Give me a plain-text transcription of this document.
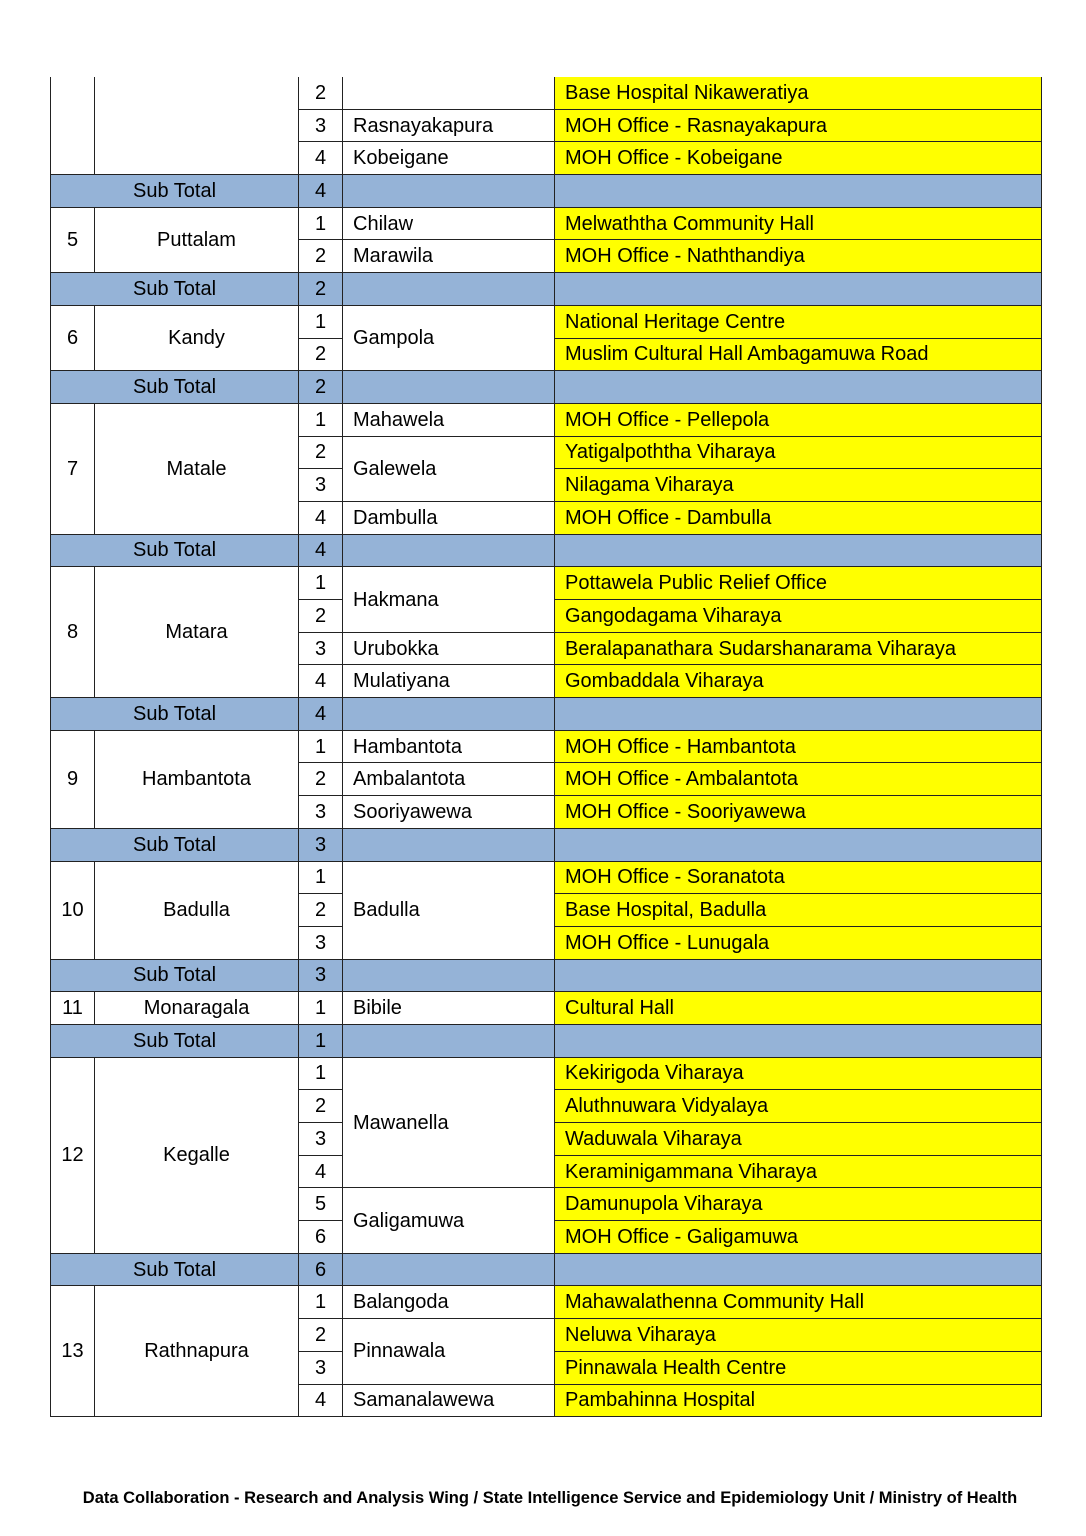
		2		Base Hospital Nikaweratiya
		3	Rasnayakapura	MOH Office - Rasnayakapura
		4	Kobeigane	MOH Office - Kobeigane
Sub Total		4		
5	Puttalam	1	Chilaw	Melwaththa Community Hall
		2	Marawila	MOH Office - Naththandiya
Sub Total		2		
6	Kandy	1	Gampola	National Heritage Centre
		2		Muslim Cultural Hall Ambagamuwa Road
Sub Total		2		
7	Matale	1	Mahawela	MOH Office - Pellepola
		2	Galewela	Yatigalpoththa Viharaya
		3		Nilagama Viharaya
		4	Dambulla	MOH Office - Dambulla
Sub Total		4		
8	Matara	1	Hakmana	Pottawela Public Relief Office
		2		Gangodagama Viharaya
		3	Urubokka	Beralapanathara Sudarshanarama Viharaya
		4	Mulatiyana	Gombaddala Viharaya
Sub Total		4		
9	Hambantota	1	Hambantota	MOH Office - Hambantota
		2	Ambalantota	MOH Office - Ambalantota
		3	Sooriyawewa	MOH Office - Sooriyawewa
Sub Total		3		
10	Badulla	1	Badulla	MOH Office - Soranatota
		2		Base Hospital, Badulla
		3		MOH Office - Lunugala
Sub Total		3		
11	Monaragala	1	Bibile	Cultural Hall
Sub Total		1		
12	Kegalle	1	Mawanella	Kekirigoda Viharaya
		2		Aluthnuwara Vidyalaya
		3		Waduwala Viharaya
		4		Keraminigammana Viharaya
		5	Galigamuwa	Damunupola Viharaya
		6		MOH Office - Galigamuwa
Sub Total		6		
13	Rathnapura	1	Balangoda	Mahawalathenna Community Hall
		2	Pinnawala	Neluwa Viharaya
		3		Pinnawala Health Centre
		4	Samanalawewa	Pambahinna Hospital
Data Collaboration - Research and Analysis Wing / State Intelligence Service and Epidemiology Unit / Ministry of Health
